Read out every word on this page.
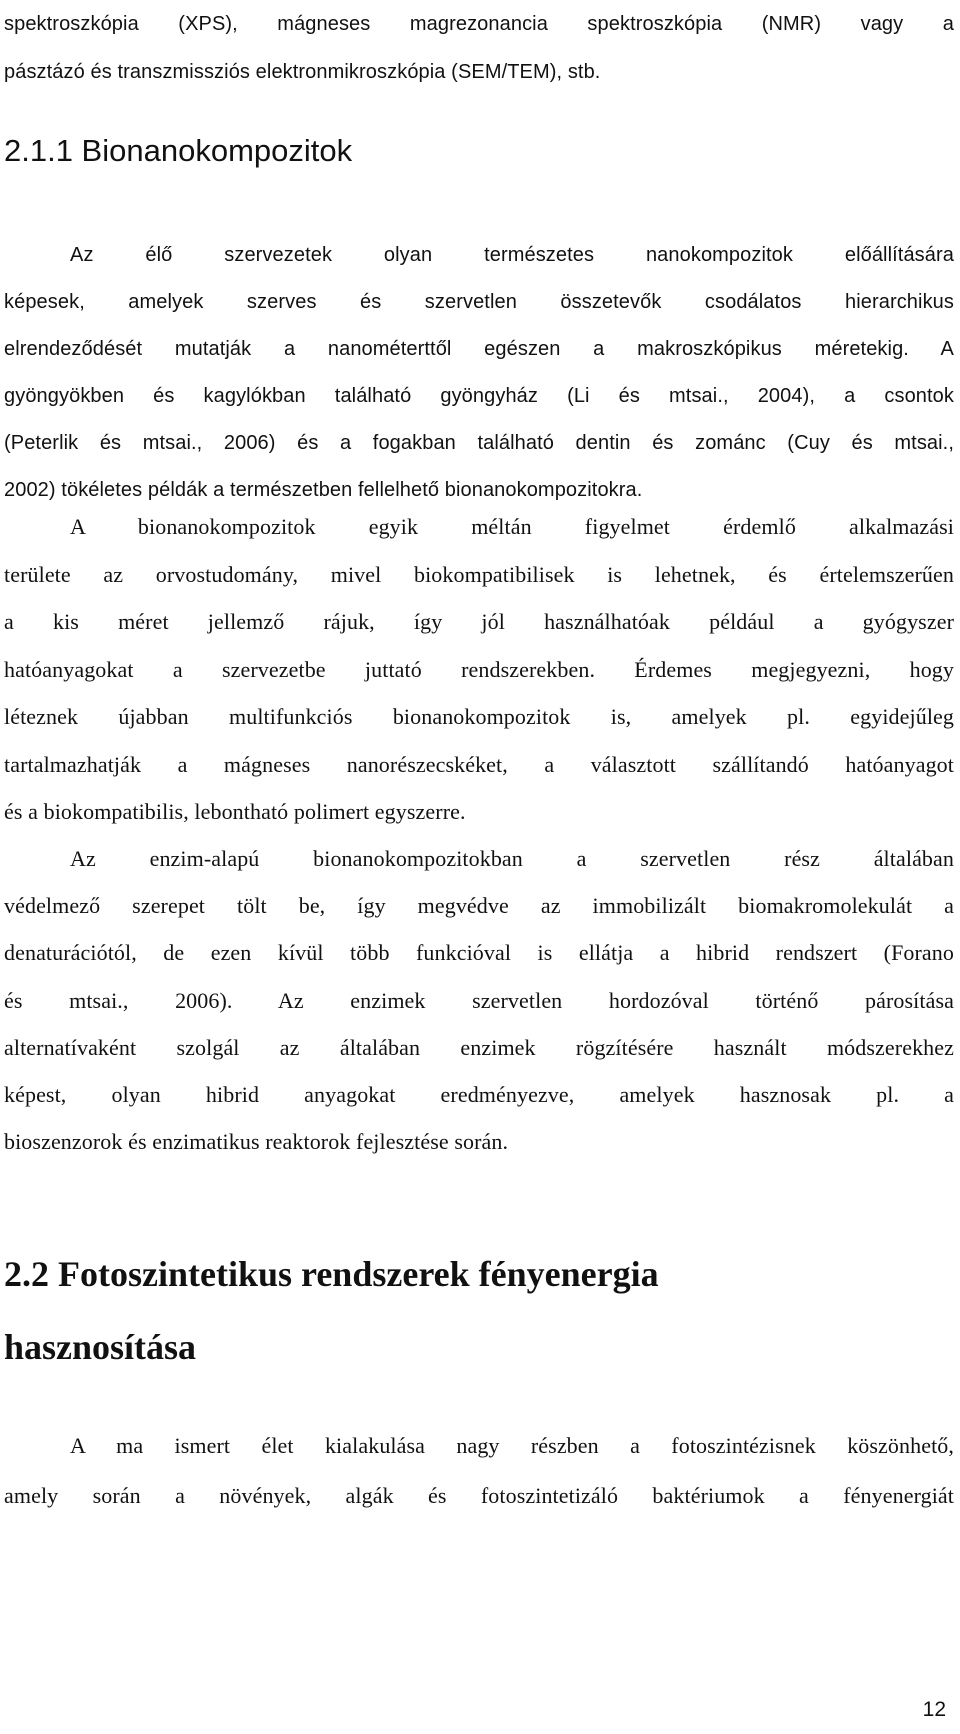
spektroszkópia (XPS), mágneses magrezonancia spektroszkópia (NMR) vagy a
pásztázó és transzmissziós elektronmikroszkópia (SEM/TEM), stb.
2.1.1 Bionanokompozitok
Az élő szervezetek olyan természetes nanokompozitok előállítására
képesek, amelyek szerves és szervetlen összetevők csodálatos hierarchikus
elrendeződését mutatják a nanométerttől egészen a makroszkópikus méretekig. A
gyöngyökben és kagylókban található gyöngyház (Li és mtsai., 2004), a csontok
(Peterlik és mtsai., 2006) és a fogakban található dentin és zománc (Cuy és mtsai.,
2002) tökéletes példák a természetben fellelhető bionanokompozitokra.
A bionanokompozitok egyik méltán figyelmet érdemlő alkalmazási
területe az orvostudomány, mivel biokompatibilisek is lehetnek, és értelemszerűen
a kis méret jellemző rájuk, így jól használhatóak például a gyógyszer
hatóanyagokat a szervezetbe juttató rendszerekben. Érdemes megjegyezni, hogy
léteznek újabban multifunkciós bionanokompozitok is, amelyek pl. egyidejűleg
tartalmazhatják a mágneses nanorészecskéket, a választott szállítandó hatóanyagot
és a biokompatibilis, lebontható polimert egyszerre.
Az enzim-alapú bionanokompozitokban a szervetlen rész általában
védelmező szerepet tölt be, így megvédve az immobilizált biomakromolekulát a
denaturációtól, de ezen kívül több funkcióval is ellátja a hibrid rendszert (Forano
és mtsai., 2006). Az enzimek szervetlen hordozóval történő párosítása
alternatívaként szolgál az általában enzimek rögzítésére használt módszerekhez
képest, olyan hibrid anyagokat eredményezve, amelyek hasznosak pl. a
bioszenzorok és enzimatikus reaktorok fejlesztése során.
2.2 Fotoszintetikus rendszerek fényenergia
hasznosítása
A ma ismert élet kialakulása nagy részben a fotoszintézisnek köszönhető,
amely során a növények, algák és fotoszintetizáló baktériumok a fényenergiát
12
